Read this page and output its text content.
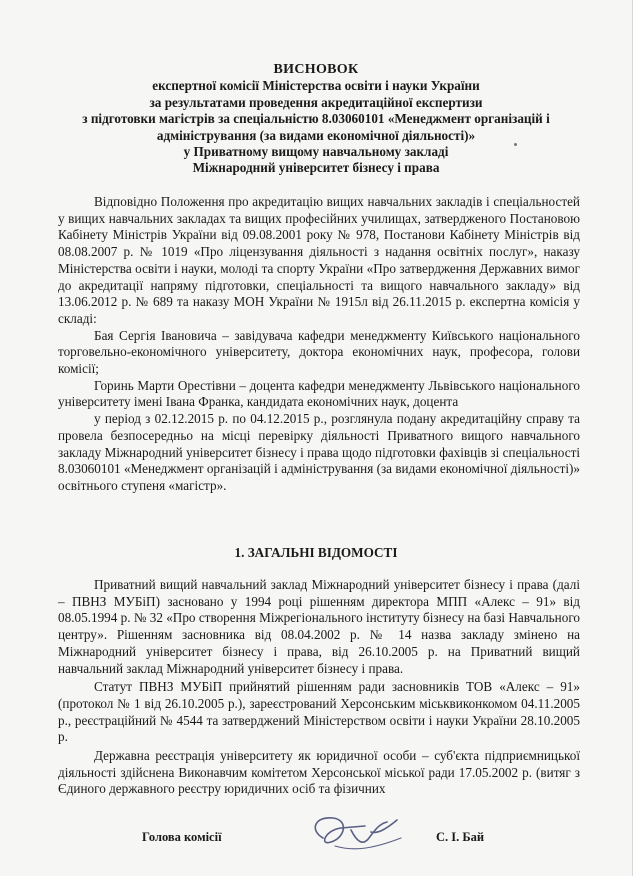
ВИСНОВОК
експертної комісії Міністерства освіти і науки України
за результатами проведення акредитаційної експертизи
з підготовки магістрів за спеціальністю 8.03060101 «Менеджмент організацій і
адміністрування (за видами економічної діяльності)»
у Приватному вищому навчальному закладі
Міжнародний університет бізнесу і права

Відповідно Положення про акредитацію вищих навчальних закладів і спеціальностей у вищих навчальних закладах та вищих професійних училищах, затвердженого Постановою Кабінету Міністрів України від 09.08.2001 року № 978, Постанови Кабінету Міністрів від 08.08.2007 р. № 1019 «Про ліцензування діяльності з надання освітніх послуг», наказу Міністерства освіти і науки, молоді та спорту України «Про затвердження Державних вимог до акредитації напряму підготовки, спеціальності та вищого навчального закладу» від 13.06.2012 р. № 689 та наказу МОН України № 1915л від 26.11.2015 р. експертна комісія у складі:

Бая Сергія Івановича – завідувача кафедри менеджменту Київського національного торговельно-економічного університету, доктора економічних наук, професора, голови комісії;

Горинь Марти Орестівни – доцента кафедри менеджменту Львівського національного університету імені Івана Франка, кандидата економічних наук, доцента

у період з 02.12.2015 р. по 04.12.2015 р., розглянула подану акредитаційну справу та провела безпосередньо на місці перевірку діяльності Приватного вищого навчального закладу Міжнародний університет бізнесу і права щодо підготовки фахівців зі спеціальності 8.03060101 «Менеджмент організацій і адміністрування (за видами економічної діяльності)» освітнього ступеня «магістр».

1. ЗАГАЛЬНІ ВІДОМОСТІ

Приватний вищий навчальний заклад Міжнародний університет бізнесу і права (далі – ПВНЗ МУБіП) засновано у 1994 році рішенням директора МПП «Алекс – 91» від 08.05.1994 р. № 32 «Про створення Міжрегіонального інституту бізнесу на базі Навчального центру». Рішенням засновника від 08.04.2002 р. № 14 назва закладу змінено на Міжнародний університет бізнесу і права, від 26.10.2005 р. на Приватний вищий навчальний заклад Міжнародний університет бізнесу і права.

Статут ПВНЗ МУБіП прийнятий рішенням ради засновників ТОВ «Алекс – 91» (протокол № 1 від 26.10.2005 р.), зареєстрований Херсонським міськвиконкомом 04.11.2005 р., реєстраційний № 4544 та затверджений Міністерством освіти і науки України 28.10.2005 р.

Державна реєстрація університету як юридичної особи – суб'єкта підприємницької діяльності здійснена Виконавчим комітетом Херсонської міської ради 17.05.2002 р. (витяг з Єдиного державного реєстру юридичних осіб та фізичних

Голова комісії	С. І. Бай
